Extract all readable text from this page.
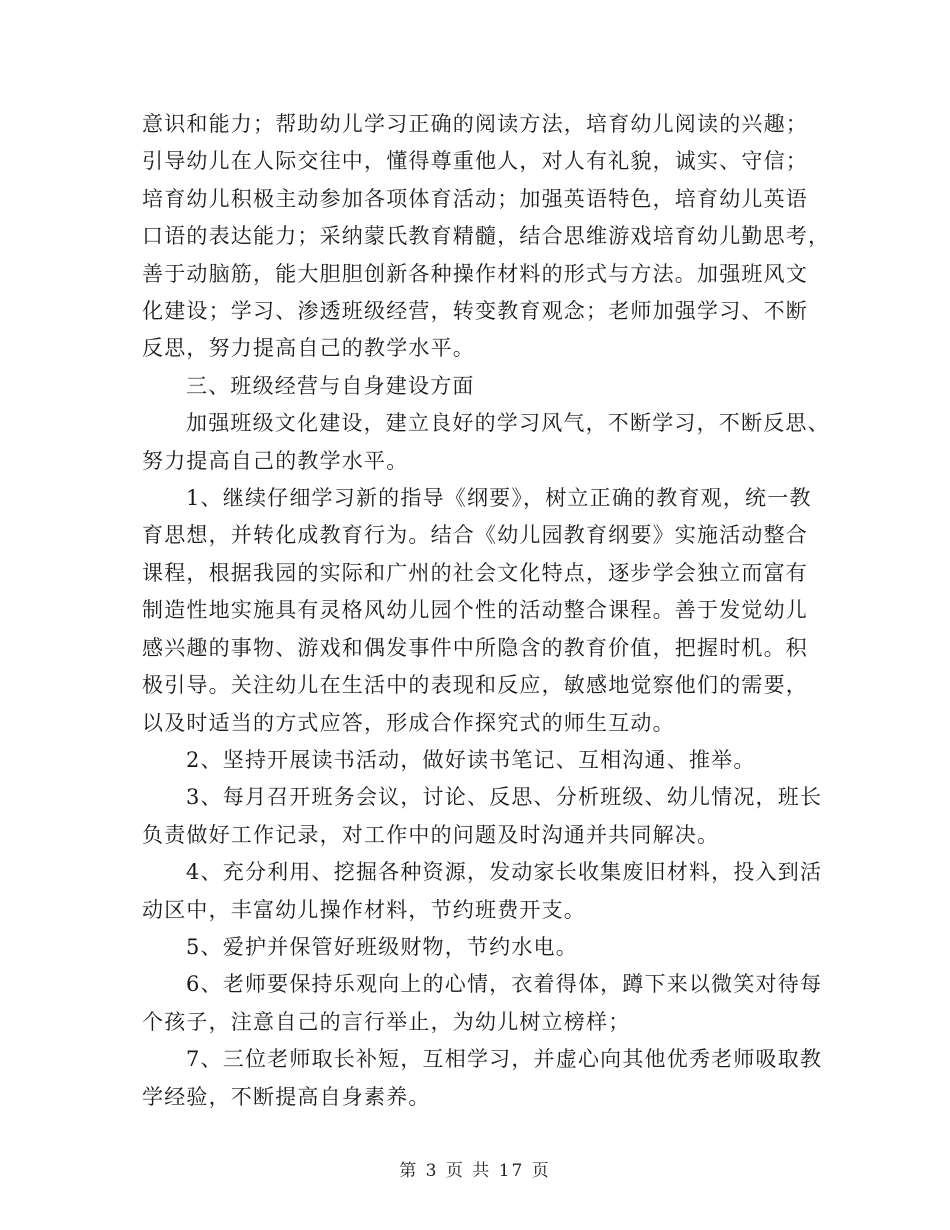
意识和能力；帮助幼儿学习正确的阅读方法，培育幼儿阅读的兴趣；
引导幼儿在人际交往中，懂得尊重他人，对人有礼貌，诚实、守信；
培育幼儿积极主动参加各项体育活动；加强英语特色，培育幼儿英语
口语的表达能力；采纳蒙氏教育精髓，结合思维游戏培育幼儿勤思考，
善于动脑筋，能大胆胆创新各种操作材料的形式与方法。加强班风文
化建设；学习、渗透班级经营，转变教育观念；老师加强学习、不断
反思，努力提高自己的教学水平。
三、班级经营与自身建设方面
加强班级文化建设，建立良好的学习风气，不断学习，不断反思、
努力提高自己的教学水平。
1、继续仔细学习新的指导《纲要》，树立正确的教育观，统一教
育思想，并转化成教育行为。结合《幼儿园教育纲要》实施活动整合
课程，根据我园的实际和广州的社会文化特点，逐步学会独立而富有
制造性地实施具有灵格风幼儿园个性的活动整合课程。善于发觉幼儿
感兴趣的事物、游戏和偶发事件中所隐含的教育价值，把握时机。积
极引导。关注幼儿在生活中的表现和反应，敏感地觉察他们的需要，
以及时适当的方式应答，形成合作探究式的师生互动。
2、坚持开展读书活动，做好读书笔记、互相沟通、推举。
3、每月召开班务会议，讨论、反思、分析班级、幼儿情况，班长
负责做好工作记录，对工作中的问题及时沟通并共同解决。
4、充分利用、挖掘各种资源，发动家长收集废旧材料，投入到活
动区中，丰富幼儿操作材料，节约班费开支。
5、爱护并保管好班级财物，节约水电。
6、老师要保持乐观向上的心情，衣着得体，蹲下来以微笑对待每
个孩子，注意自己的言行举止，为幼儿树立榜样；
7、三位老师取长补短，互相学习，并虚心向其他优秀老师吸取教
学经验，不断提高自身素养。
第 3 页 共 17 页
